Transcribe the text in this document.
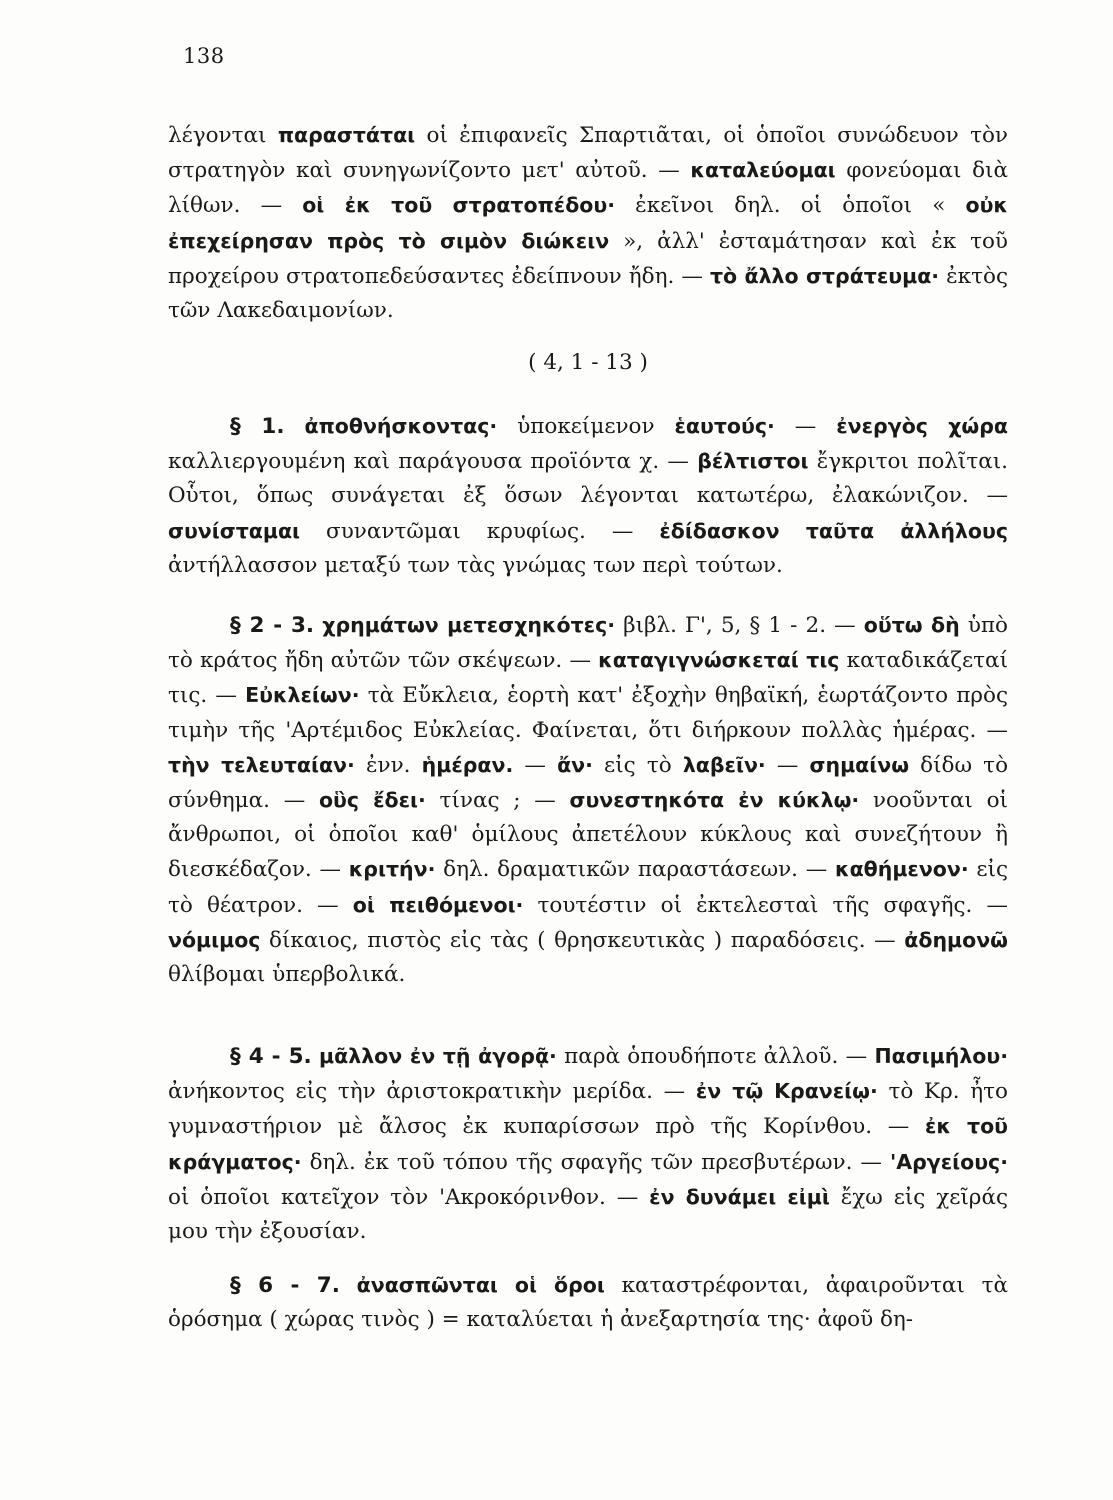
138

λέγονται παραστάται οἱ ἐπιφανεῖς Σπαρτιᾶται, οἱ ὁποῖοι συνώδευον τὸν στρατηγὸν καὶ συνηγωνίζοντο μετ' αὐτοῦ. — καταλεύομαι φονεύομαι διὰ λίθων. — οἱ ἐκ τοῦ στρατοπέδου· ἐκεῖνοι δηλ. οἱ ὁποῖοι « οὐκ ἐπεχείρησαν πρὸς τὸ σιμὸν διώκειν », ἀλλ' ἐσταμάτησαν καὶ ἐκ τοῦ προχείρου στρατοπεδεύσαντες ἐδείπνουν ἤδη. — τὸ ἄλλο στράτευμα· ἐκτὸς τῶν Λακεδαιμονίων.

( 4, 1 - 13 )

§ 1. ἀποθνήσκοντας· ὑποκείμενον ἑαυτούς· — ἐνεργὸς χώρα καλλιεργουμένη καὶ παράγουσα προϊόντα χ. — βέλτιστοι ἔγκριτοι πολῖται. Οὗτοι, ὅπως συνάγεται ἐξ ὅσων λέγονται κατωτέρω, ἐλακώνιζον. — συνίσταμαι συναντῶμαι κρυφίως. — ἐδίδασκον ταῦτα ἀλλήλους ἀντήλλασσον μεταξύ των τὰς γνώμας των περὶ τούτων.

§ 2 - 3. χρημάτων μετεσχηκότες· βιβλ. Γ', 5, § 1 - 2. — οὕτω δὴ ὑπὸ τὸ κράτος ἤδη αὐτῶν τῶν σκέψεων. — καταγιγνώσκεταί τις καταδικάζεταί τις. — Εὐκλείων· τὰ Εὔκλεια, ἑορτὴ κατ' ἐξοχὴν θηβαϊκή, ἑωρτάζοντο πρὸς τιμὴν τῆς 'Αρτέμιδος Εὐκλείας. Φαίνεται, ὅτι διήρκουν πολλὰς ἡμέρας. — τὴν τελευταίαν· ἐνν. ἡμέραν. — ἄν· εἰς τὸ λαβεῖν· — σημαίνω δίδω τὸ σύνθημα. — οὓς ἔδει· τίνας ; — συνεστηκότα ἐν κύκλῳ· νοοῦνται οἱ ἄνθρωποι, οἱ ὁποῖοι καθ' ὁμίλους ἀπετέλουν κύκλους καὶ συνεζήτουν ἢ διεσκέδαζον. — κριτήν· δηλ. δραματικῶν παραστάσεων. — καθήμενον· εἰς τὸ θέατρον. — οἱ πειθόμενοι· τουτέστιν οἱ ἐκτελεσταὶ τῆς σφαγῆς. — νόμιμος δίκαιος, πιστὸς εἰς τὰς ( θρησκευτικὰς ) παραδόσεις. — ἀδημονῶ θλίβομαι ὑπερβολικά.

§ 4 - 5. μᾶλλον ἐν τῇ ἀγορᾷ· παρὰ ὁπουδήποτε ἀλλοῦ. — Πασιμήλου· ἀνήκοντος εἰς τὴν ἀριστοκρατικὴν μερίδα. — ἐν τῷ Κρανείῳ· τὸ Κρ. ἦτο γυμναστήριον μὲ ἄλσος ἐκ κυπαρίσσων πρὸ τῆς Κορίνθου. — ἐκ τοῦ κράγματος· δηλ. ἐκ τοῦ τόπου τῆς σφαγῆς τῶν πρεσβυτέρων. — 'Αργείους· οἱ ὁποῖοι κατεῖχον τὸν 'Ακροκόρινθον. — ἐν δυνάμει εἰμὶ ἔχω εἰς χεῖράς μου τὴν ἐξουσίαν.

§ 6 - 7. ἀνασπῶνται οἱ ὅροι καταστρέφονται, ἀφαιροῦνται τὰ ὁρόσημα ( χώρας τινὸς ) = καταλύεται ἡ ἀνεξαρτησία της· ἀφοῦ δη-
